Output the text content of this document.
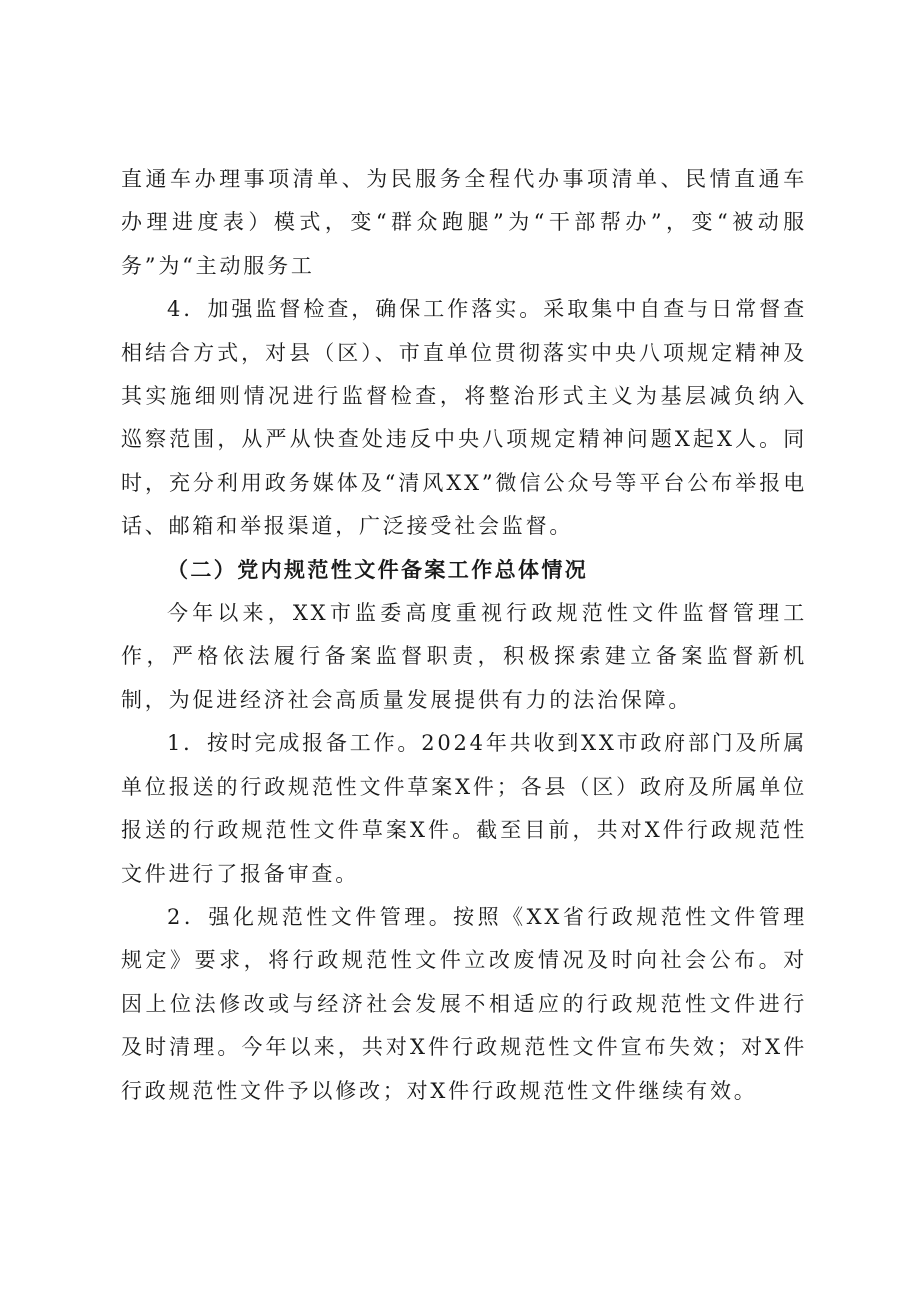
直通车办理事项清单、为民服务全程代办事项清单、民情直通车办理进度表）模式，变“群众跑腿”为“干部帮办”，变“被动服务”为“主动服务工

4．加强监督检查，确保工作落实。采取集中自查与日常督查相结合方式，对县（区）、市直单位贯彻落实中央八项规定精神及其实施细则情况进行监督检查，将整治形式主义为基层减负纳入巡察范围，从严从快查处违反中央八项规定精神问题X起X人。同时，充分利用政务媒体及“清风XX”微信公众号等平台公布举报电话、邮箱和举报渠道，广泛接受社会监督。

（二）党内规范性文件备案工作总体情况

今年以来，XX市监委高度重视行政规范性文件监督管理工作，严格依法履行备案监督职责，积极探索建立备案监督新机制，为促进经济社会高质量发展提供有力的法治保障。

1．按时完成报备工作。2024年共收到XX市政府部门及所属单位报送的行政规范性文件草案X件；各县（区）政府及所属单位报送的行政规范性文件草案X件。截至目前，共对X件行政规范性文件进行了报备审查。

2．强化规范性文件管理。按照《XX省行政规范性文件管理规定》要求，将行政规范性文件立改废情况及时向社会公布。对因上位法修改或与经济社会发展不相适应的行政规范性文件进行及时清理。今年以来，共对X件行政规范性文件宣布失效；对X件行政规范性文件予以修改；对X件行政规范性文件继续有效。
